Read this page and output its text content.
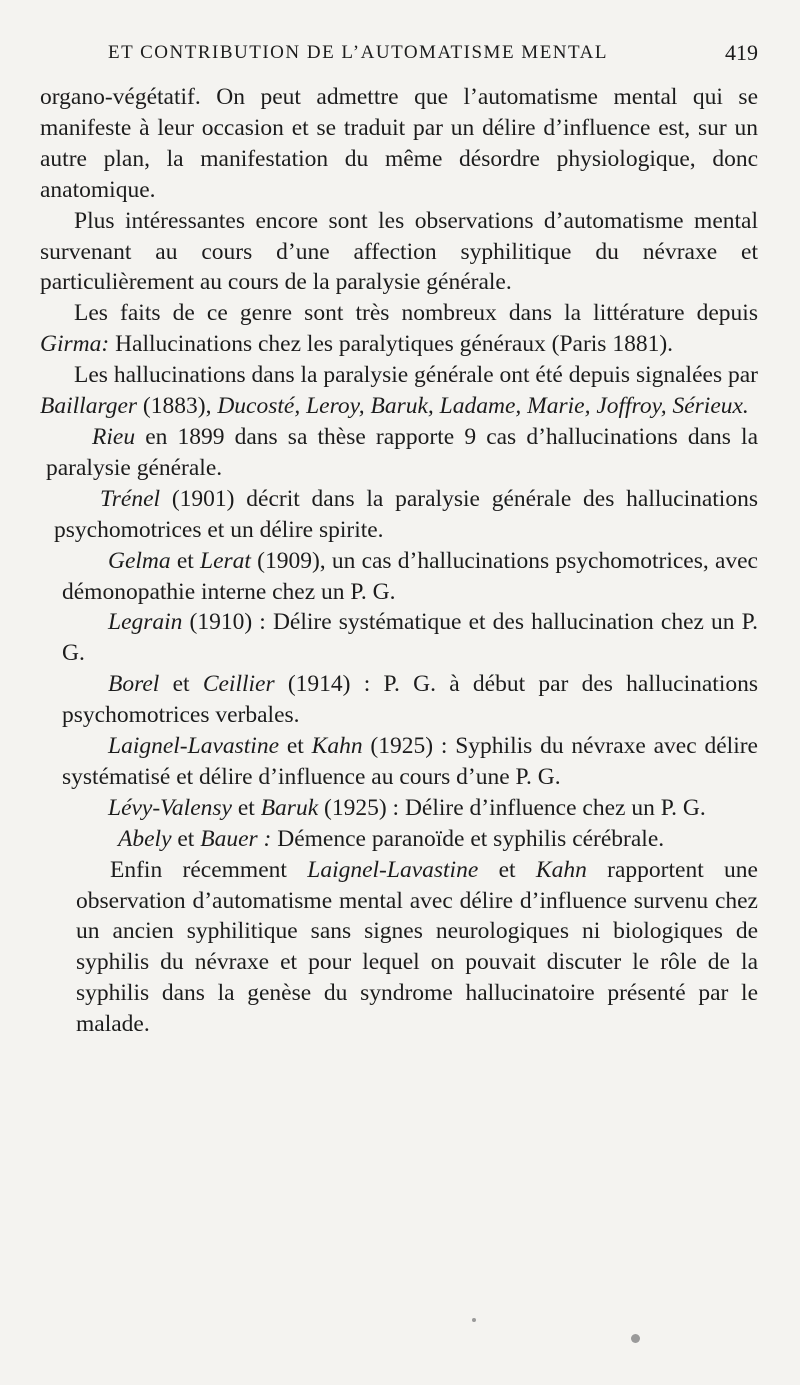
ET CONTRIBUTION DE L’AUTOMATISME MENTAL	419

organo-végétatif. On peut admettre que l’automatisme mental qui se manifeste à leur occasion et se traduit par un délire d’influence est, sur un autre plan, la manifestation du même désordre physiologique, donc anatomique.

Plus intéressantes encore sont les observations d’automatisme mental survenant au cours d’une affection syphilitique du névraxe et particulièrement au cours de la paralysie générale.

Les faits de ce genre sont très nombreux dans la littérature depuis Girma: Hallucinations chez les paralytiques généraux (Paris 1881).

Les hallucinations dans la paralysie générale ont été depuis signalées par Baillarger (1883), Ducosté, Leroy, Baruk, Ladame, Marie, Joffroy, Sérieux.

Rieu en 1899 dans sa thèse rapporte 9 cas d’hallucinations dans la paralysie générale.

Trénel (1901) décrit dans la paralysie générale des hallucinations psychomotrices et un délire spirite.

Gelma et Lerat (1909), un cas d’hallucinations psychomotrices, avec démonopathie interne chez un P. G.

Legrain (1910) : Délire systématique et des hallucination chez un P. G.

Borel et Ceillier (1914) : P. G. à début par des hallucinations psychomotrices verbales.

Laignel-Lavastine et Kahn (1925) : Syphilis du névraxe avec délire systématisé et délire d’influence au cours d’une P. G.

Lévy-Valensy et Baruk (1925) : Délire d’influence chez un P. G.

Abely et Bauer : Démence paranoïde et syphilis cérébrale.

Enfin récemment Laignel-Lavastine et Kahn rapportent une observation d’automatisme mental avec délire d’influence survenu chez un ancien syphilitique sans signes neurologiques ni biologiques de syphilis du névraxe et pour lequel on pouvait discuter le rôle de la syphilis dans la genèse du syndrome hallucinatoire présenté par le malade.
